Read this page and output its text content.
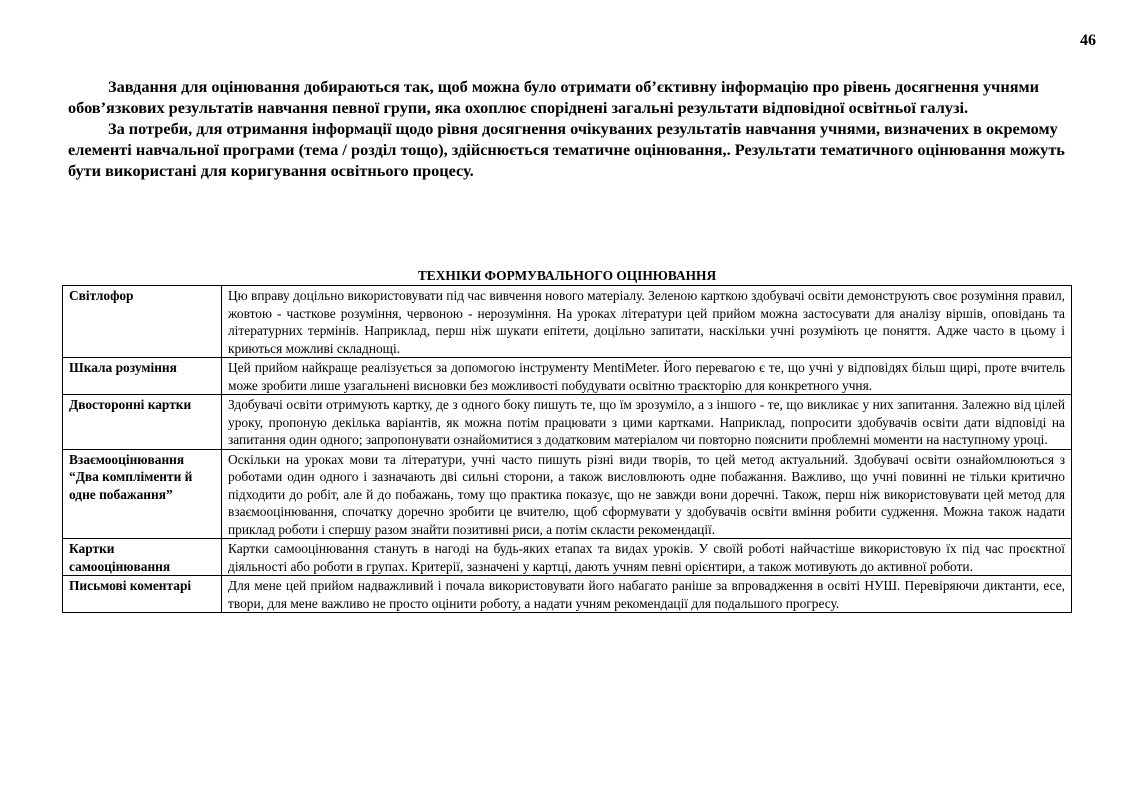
46

Завдання для оцінювання добираються так, щоб можна було отримати об’єктивну інформацію про рівень досягнення учнями обов’язкових результатів навчання певної групи, яка охоплює споріднені загальні результати відповідної освітньої галузі.

За потреби, для отримання інформації щодо рівня досягнення очікуваних результатів навчання учнями, визначених в окремому елементі навчальної програми (тема / розділ тощо), здійснюється тематичне оцінювання,. Результати тематичного оцінювання можуть бути використані для коригування освітнього процесу.

ТЕХНІКИ ФОРМУВАЛЬНОГО ОЦІНЮВАННЯ
Світлофор	Цю вправу доцільно використовувати під час вивчення нового матеріалу. Зеленою карткою здобувачі освіти демонструють своє розуміння правил, жовтою - часткове розуміння, червоною - нерозуміння. На уроках літератури цей прийом можна застосувати для аналізу віршів, оповідань та літературних термінів. Наприклад, перш ніж шукати епітети, доцільно запитати, наскільки учні розуміють це поняття. Адже часто в цьому і криються можливі складнощі.
Шкала розуміння	Цей прийом найкраще реалізується за допомогою інструменту MentiMeter. Його перевагою є те, що учні у відповідях більш щирі, проте вчитель може зробити лише узагальнені висновки без можливості побудувати освітню траєкторію для конкретного учня.
Двосторонні картки	Здобувачі освіти отримують картку, де з одного боку пишуть те, що їм зрозуміло, а з іншого - те, що викликає у них запитання. Залежно від цілей уроку, пропоную декілька варіантів, як можна потім працювати з цими картками. Наприклад, попросити здобувачів освіти дати відповіді на запитання один одного; запропонувати ознайомитися з додатковим матеріалом чи повторно пояснити проблемні моменти на наступному уроці.
Взаємооцінювання “Два компліменти й одне побажання”	Оскільки на уроках мови та літератури, учні часто пишуть різні види творів, то цей метод актуальний. Здобувачі освіти ознайомлюються з роботами один одного і зазначають дві сильні сторони, а також висловлюють одне побажання. Важливо, що учні повинні не тільки критично підходити до робіт, але й до побажань, тому що практика показує, що не завжди вони доречні. Також, перш ніж використовувати цей метод для взаємооцінювання, спочатку доречно зробити це вчителю, щоб сформувати у здобувачів освіти вміння робити судження. Можна також надати приклад роботи і спершу разом знайти позитивні риси, а потім скласти рекомендації.
Картки самооцінювання	Картки самооцінювання стануть в нагоді на будь-яких етапах та видах уроків. У своїй роботі найчастіше використовую їх під час проєктної діяльності або роботи в групах. Критерії, зазначені у картці, дають учням певні орієнтири, а також мотивують до активної роботи.
Письмові коментарі	Для мене цей прийом надважливий і почала використовувати його набагато раніше за впровадження в освіті НУШ. Перевіряючи диктанти, есе, твори, для мене важливо не просто оцінити роботу, а надати учням рекомендації для подальшого прогресу.
